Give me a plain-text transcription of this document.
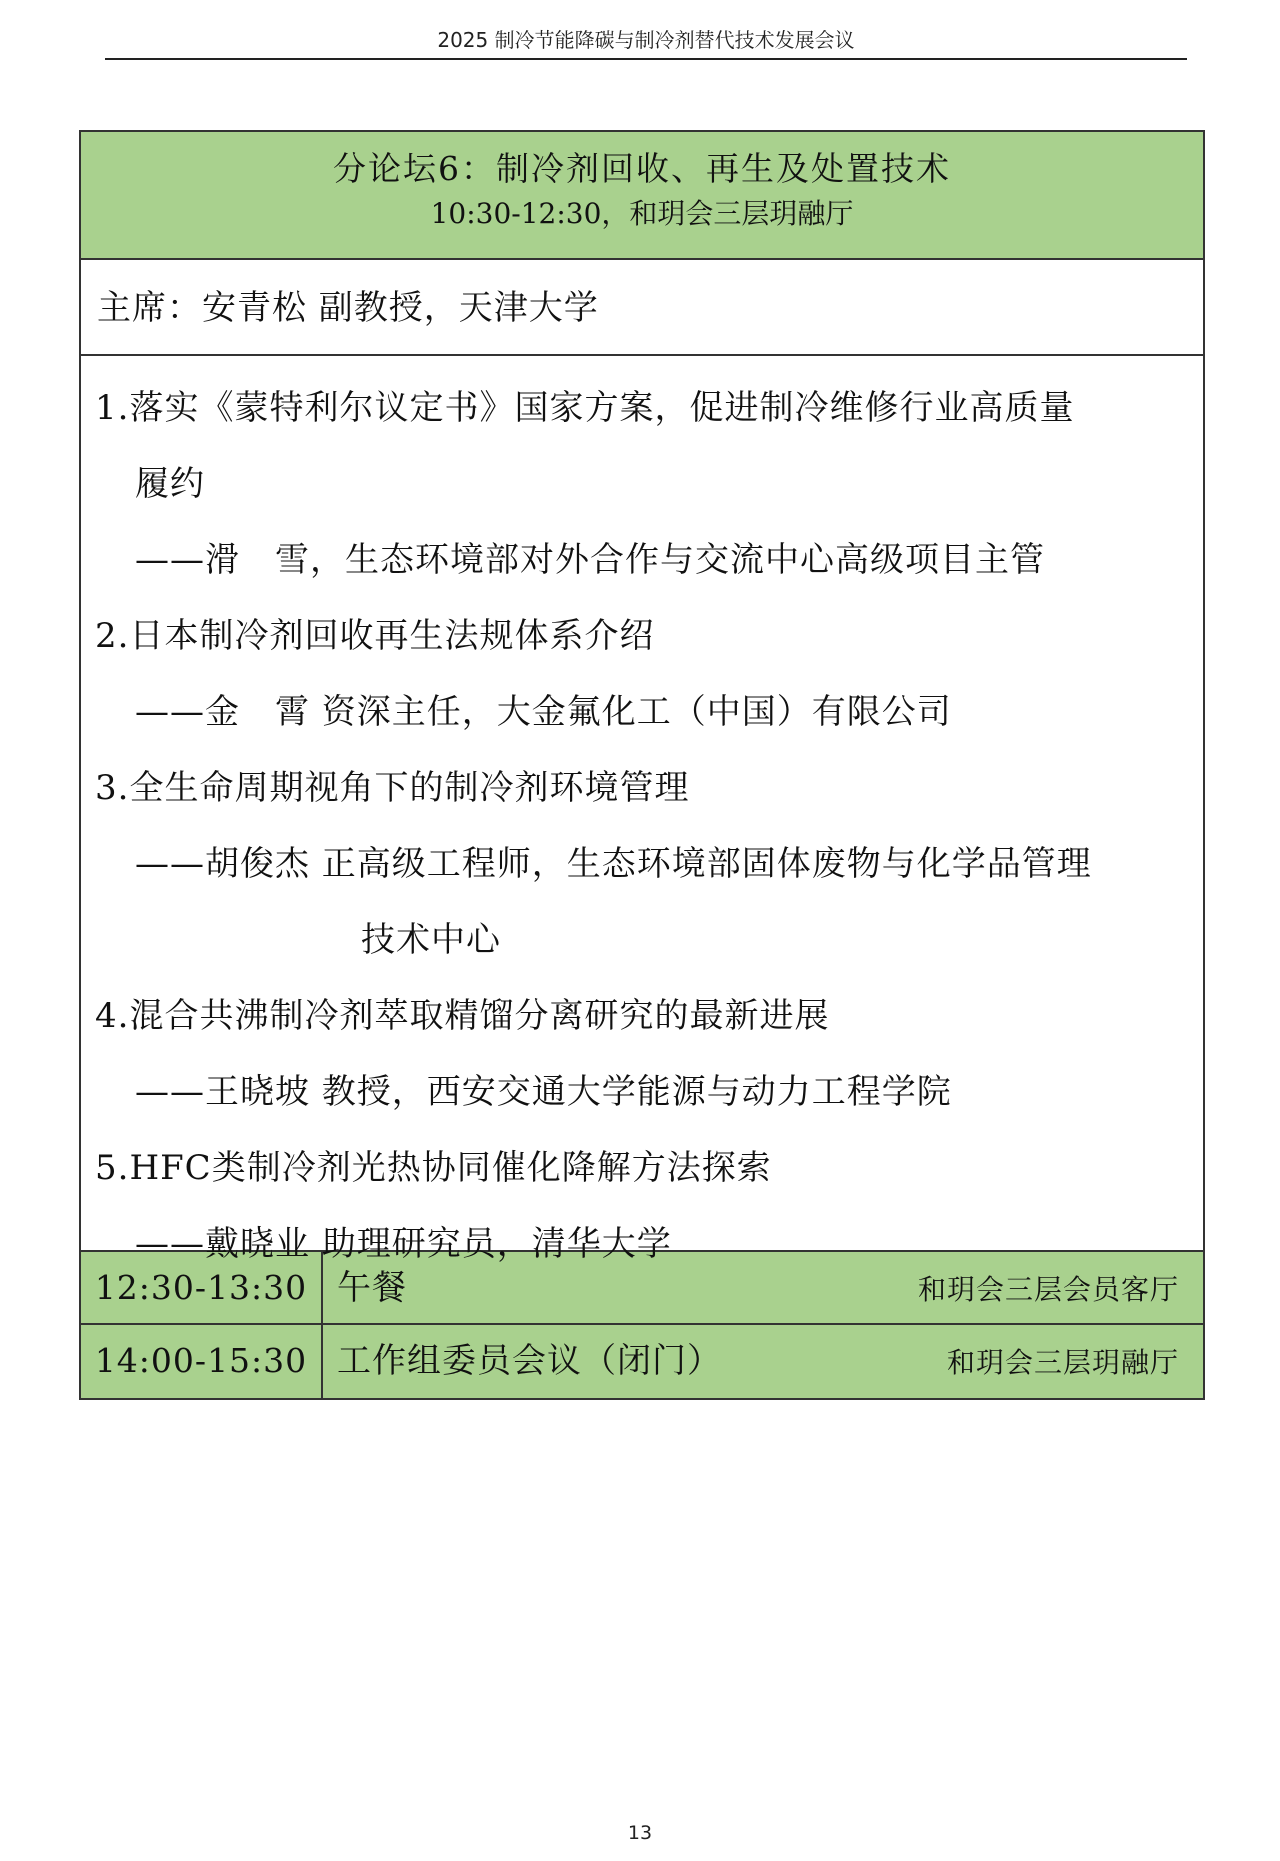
2025 制冷节能降碳与制冷剂替代技术发展会议
分论坛6：制冷剂回收、再生及处置技术
10:30-12:30，和玥会三层玥融厅
主席：安青松 副教授，天津大学
1.落实《蒙特利尔议定书》国家方案，促进制冷维修行业高质量
履约
——滑　雪，生态环境部对外合作与交流中心高级项目主管
2.日本制冷剂回收再生法规体系介绍
——金　霄 资深主任，大金氟化工（中国）有限公司
3.全生命周期视角下的制冷剂环境管理
——胡俊杰 正高级工程师，生态环境部固体废物与化学品管理
技术中心
4.混合共沸制冷剂萃取精馏分离研究的最新进展
——王晓坡 教授，西安交通大学能源与动力工程学院
5.HFC类制冷剂光热协同催化降解方法探索
——戴晓业 助理研究员，清华大学
12:30-13:30 午餐	和玥会三层会员客厅
14:00-15:30 工作组委员会议（闭门）	和玥会三层玥融厅
13
